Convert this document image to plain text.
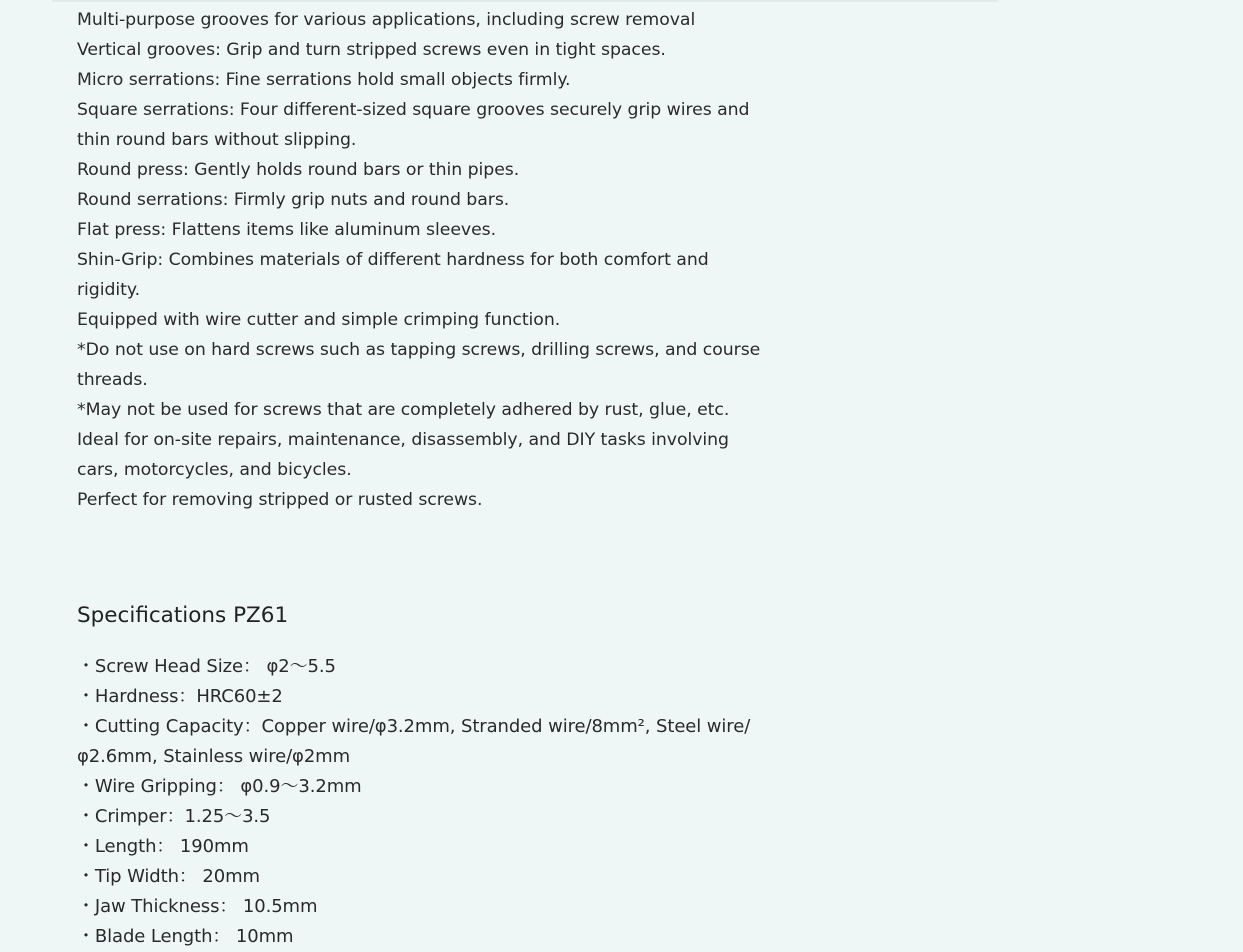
Multi-purpose grooves for various applications, including screw removal

Vertical grooves: Grip and turn stripped screws even in tight spaces.

Micro serrations: Fine serrations hold small objects firmly.

Square serrations: Four different-sized square grooves securely grip wires and thin round bars without slipping.

Round press: Gently holds round bars or thin pipes.

Round serrations: Firmly grip nuts and round bars.

Flat press: Flattens items like aluminum sleeves.

Shin-Grip: Combines materials of different hardness for both comfort and rigidity.

Equipped with wire cutter and simple crimping function.

*Do not use on hard screws such as tapping screws, drilling screws, and course threads.

*May not be used for screws that are completely adhered by rust, glue, etc.

Ideal for on-site repairs, maintenance, disassembly, and DIY tasks involving cars, motorcycles, and bicycles.

Perfect for removing stripped or rusted screws.

Specifications PZ61

・Screw Head Size： φ2～5.5

・Hardness：HRC60±2

・Cutting Capacity：Copper wire/φ3.2mm, Stranded wire/8mm², Steel wire/φ2.6mm, Stainless wire/φ2mm

・Wire Gripping： φ0.9～3.2mm

・Crimper：1.25～3.5

・Length： 190mm

・Tip Width： 20mm

・Jaw Thickness： 10.5mm

・Blade Length： 10mm
